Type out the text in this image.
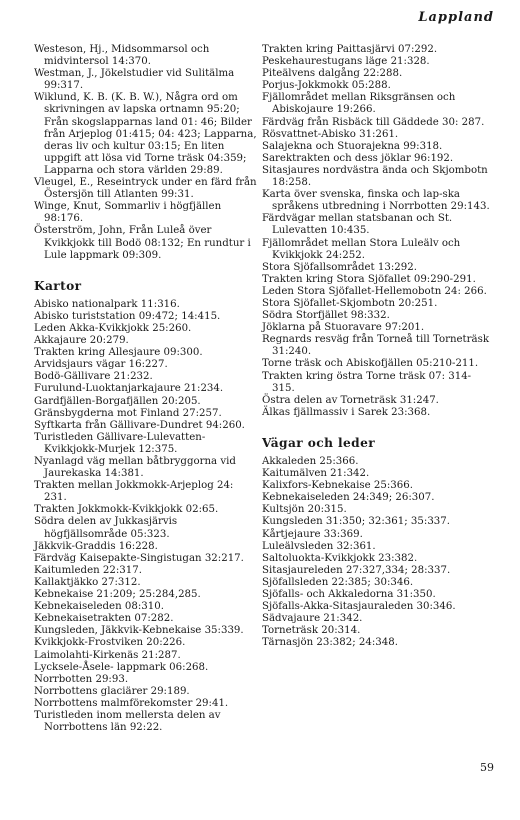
Lappland

Westeson, Hj., Midsommarsol och midvintersol 14:370.

Westman, J., Jökelstudier vid Sulitälma 99:317.

Wiklund, K. B. (K. B. W.), Några ord om skrivningen av lapska ortnamn 95:20; Från skogslapparnas land 01: 46; Bilder från Arjeplog 01:415; 04: 423; Lapparna, deras liv och kultur 03:15; En liten uppgift att lösa vid Torne träsk 04:359; Lapparna och stora världen 29:89.

Vleugel, E., Reseintryck under en färd från Östersjön till Atlanten 99:31.

Winge, Knut, Sommarliv i högfjällen 98:176.

Österström, John, Från Luleå över Kvikkjokk till Bodö 08:132; En rundtur i Lule lappmark 09:309.

Kartor

Abisko nationalpark 11:316.

Abisko turiststation 09:472; 14:415.

Leden Akka-Kvikkjokk 25:260.

Akkajaure 20:279.

Trakten kring Allesjaure 09:300.

Arvidsjaurs vägar 16:227.

Bodö-Gällivare 21:232.

Furulund-Luoktanjarkajaure 21:234.

Gardfjällen-Borgafjällen 20:205.

Gränsbygderna mot Finland 27:257.

Syftkarta från Gällivare-Dundret 94:260.

Turistleden Gällivare-Lulevatten-Kvikkjokk-Murjek 12:375.

Nyanlagd väg mellan båtbryggorna vid Jaurekaska 14:381.

Trakten mellan Jokkmokk-Arjeplog 24: 231.

Trakten Jokkmokk-Kvikkjokk 02:65.

Södra delen av Jukkasjärvis högfjällsområde 05:323.

Jäkkvik-Graddis 16:228.

Färdväg Kaisepakte-Singistugan 32:217.

Kaitumleden 22:317.

Kallaktjäkko 27:312.

Kebnekaise 21:209; 25:284,285.

Kebnekaiseleden 08:310.

Kebnekaisetrakten 07:282.

Kungsleden, Jäkkvik-Kebnekaise 35:339.

Kvikkjokk-Frostviken 20:226.

Laimolahti-Kirkenäs 21:287.

Lycksele-Åsele- lappmark 06:268.

Norrbotten 29:93.

Norrbottens glaciärer 29:189.

Norrbottens malmförekomster 29:41.

Turistleden inom mellersta delen av Norrbottens län 92:22.

Trakten kring Paittasjärvi 07:292.

Peskehaurestugans läge 21:328.

Piteälvens dalgång 22:288.

Porjus-Jokkmokk 05:288.

Fjällområdet mellan Riksgränsen och Abiskojaure 19:266.

Färdväg från Risbäck till Gäddede 30: 287.

Rösvattnet-Abisko 31:261.

Salajekna och Stuorajekna 99:318.

Sarektrakten och dess jöklar 96:192.

Sitasjaures nordvästra ända och Skjombotn 18:258.

Karta över svenska, finska och lap-ska språkens utbredning i Norrbotten 29:143.

Färdvägar mellan statsbanan och St. Lulevatten 10:435.

Fjällområdet mellan Stora Luleälv och Kvikkjokk 24:252.

Stora Sjöfallsområdet 13:292.

Trakten kring Stora Sjöfallet 09:290-291.

Leden Stora Sjöfallet-Hellemobotn 24: 266.

Stora Sjöfallet-Skjombotn 20:251.

Södra Storfjället 98:332.

Jöklarna på Stuoravare 97:201.

Regnards resväg från Torneå till Torneträsk 31:240.

Torne träsk och Abiskofjällen 05:210-211.

Trakten kring östra Torne träsk 07: 314-315.

Östra delen av Torneträsk 31:247.

Älkas fjällmassiv i Sarek 23:368.

Vägar och leder

Akkaleden 25:366.

Kaitumälven 21:342.

Kalixfors-Kebnekaise 25:366.

Kebnekaiseleden 24:349; 26:307.

Kultsjön 20:315.

Kungsleden 31:350; 32:361; 35:337.

Kårtjejaure 33:369.

Luleälvsleden 32:361.

Saltoluokta-Kvikkjokk 23:382.

Sitasjaureleden 27:327,334; 28:337.

Sjöfallsleden 22:385; 30:346.

Sjöfalls- och Akkaledorna 31:350.

Sjöfalls-Akka-Sitasjauraleden 30:346.

Sädvajaure 21:342.

Torneträsk 20:314.

Tärnasjön 23:382; 24:348.

59
